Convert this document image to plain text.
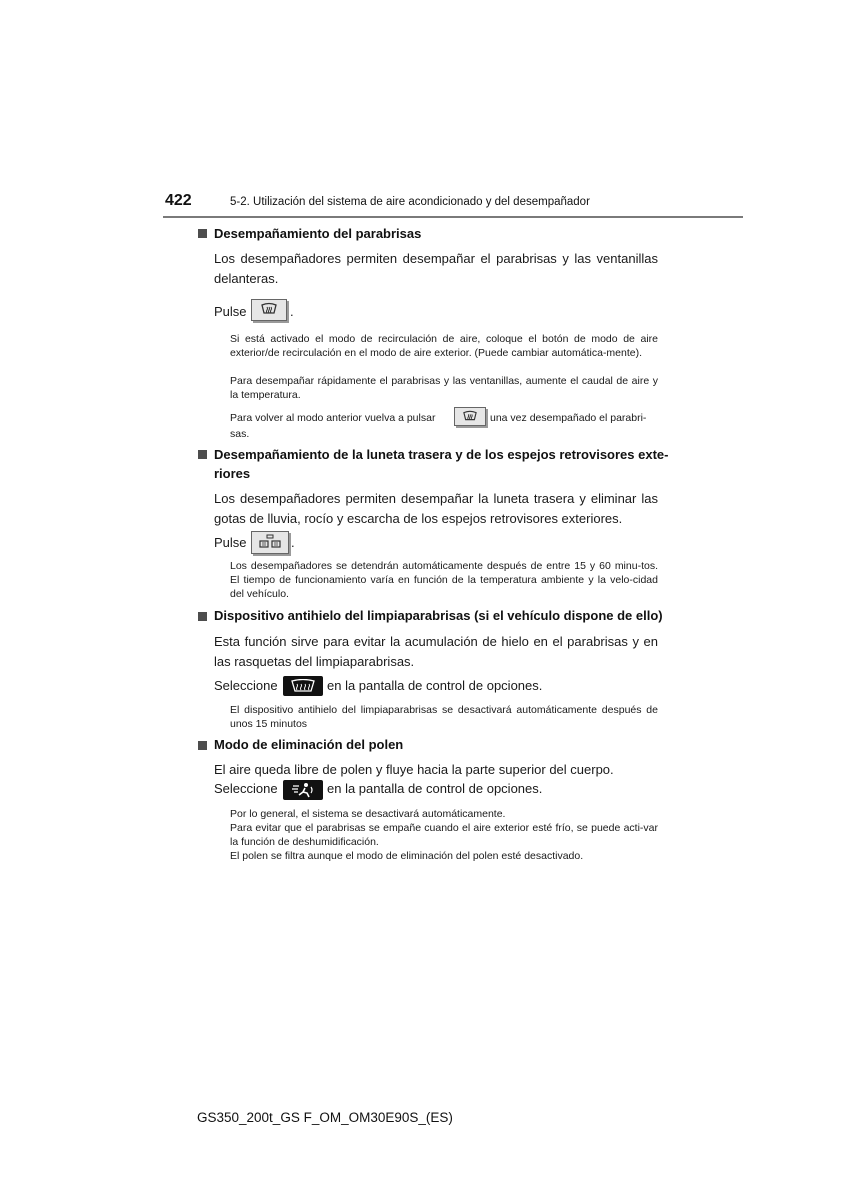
422	5-2. Utilización del sistema de aire acondicionado y del desempañador
Desempañamiento del parabrisas
Los desempañadores permiten desempañar el parabrisas y las ventanillas delanteras.
Pulse	.
Si está activado el modo de recirculación de aire, coloque el botón de modo de aire exterior/de recirculación en el modo de aire exterior. (Puede cambiar automática-mente).
Para desempañar rápidamente el parabrisas y las ventanillas, aumente el caudal de aire y la temperatura.
Para volver al modo anterior vuelva a pulsar	una vez desempañado el parabri-
sas.
Desempañamiento de la luneta trasera y de los espejos retrovisores exte-
riores
Los desempañadores permiten desempañar la luneta trasera y eliminar las gotas de lluvia, rocío y escarcha de los espejos retrovisores exteriores.
Pulse	.
Los desempañadores se detendrán automáticamente después de entre 15 y 60 minu-tos. El tiempo de funcionamiento varía en función de la temperatura ambiente y la velo-cidad del vehículo.
Dispositivo antihielo del limpiaparabrisas (si el vehículo dispone de ello)
Esta función sirve para evitar la acumulación de hielo en el parabrisas y en las rasquetas del limpiaparabrisas.
Seleccione	en la pantalla de control de opciones.
El dispositivo antihielo del limpiaparabrisas se desactivará automáticamente después de unos 15 minutos
Modo de eliminación del polen
El aire queda libre de polen y fluye hacia la parte superior del cuerpo.
Seleccione	en la pantalla de control de opciones.
Por lo general, el sistema se desactivará automáticamente.
Para evitar que el parabrisas se empañe cuando el aire exterior esté frío, se puede acti-var la función de deshumidificación.
El polen se filtra aunque el modo de eliminación del polen esté desactivado.
GS350_200t_GS F_OM_OM30E90S_(ES)
